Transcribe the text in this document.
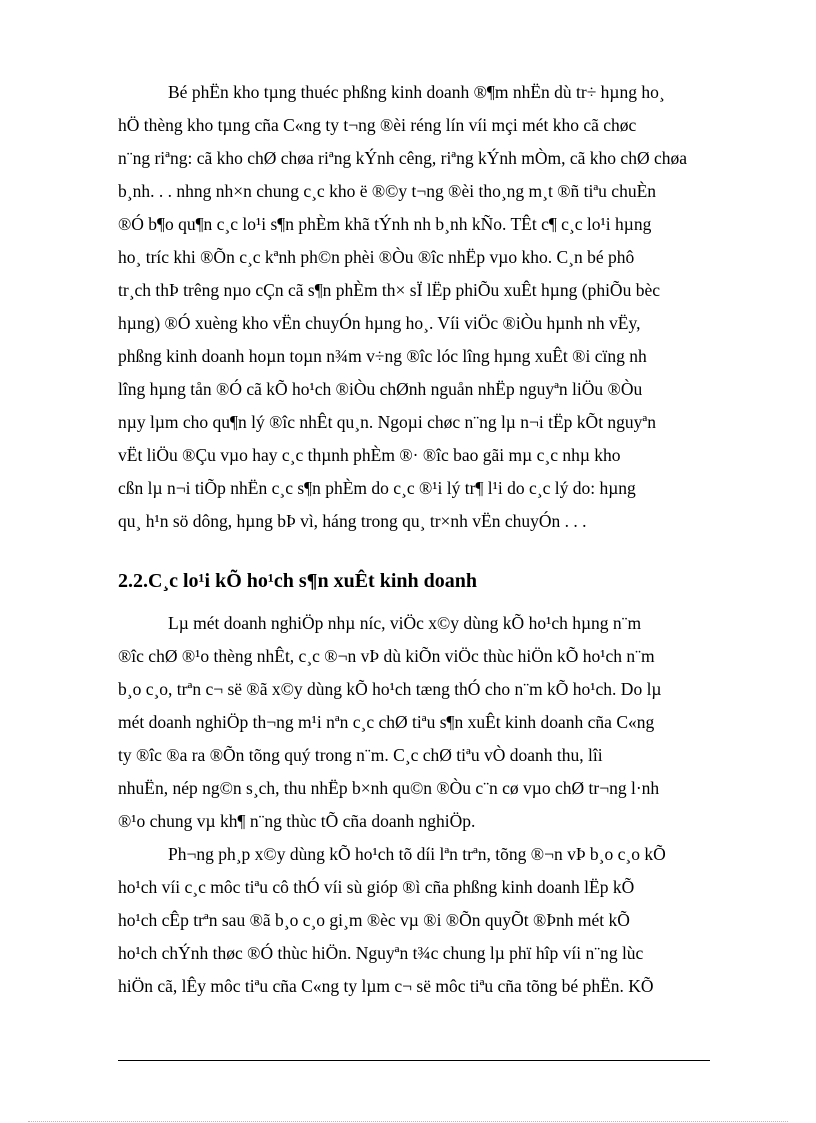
Bé phËn kho tµng thuéc phßng kinh doanh ®¶m nhËn dù tr÷ hµng ho¸
hÖ thèng kho tµng cña C«ng ty t¬ng ®èi réng lín víi mçi mét kho cã chøc
n¨ng riªng: cã kho chØ chøa riªng kÝnh cêng, riªng kÝnh mÒm, cã kho chØ chøa
b¸nh. . . nhng nh×n chung c¸c kho ë ®©y t¬ng ®èi tho¸ng m¸t ®ñ tiªu chuÈn
®Ó b¶o qu¶n c¸c lo¹i s¶n phÈm khã tÝnh nh b¸nh kÑo. TÊt c¶ c¸c lo¹i hµng
ho¸ tríc khi ®Õn c¸c kªnh ph©n phèi ®Òu ®îc nhËp vµo kho. C¸n bé phô
tr¸ch thÞ trêng nµo cÇn cã s¶n phÈm th× sÏ lËp phiÕu xuÊt hµng (phiÕu bèc
hµng) ®Ó xuèng kho vËn chuyÓn hµng ho¸. Víi viÖc ®iÒu hµnh nh vËy,
phßng kinh doanh hoµn toµn n¾m v÷ng ®îc lóc lîng hµng xuÊt ®i cïng nh
lîng hµng tån ®Ó cã kÕ ho¹ch ®iÒu chØnh nguån nhËp nguyªn liÖu ®Òu
nµy lµm cho qu¶n lý ®îc nhÊt qu¸n. Ngoµi chøc n¨ng lµ n¬i tËp kÕt nguyªn
vËt liÖu ®Çu vµo hay c¸c thµnh phÈm ®· ®îc bao gãi mµ c¸c nhµ kho
cßn lµ n¬i tiÕp nhËn c¸c s¶n phÈm do c¸c ®¹i lý tr¶ l¹i do c¸c lý do: hµng
qu¸ h¹n sö dông, hµng bÞ vì, háng trong qu¸ tr×nh vËn chuyÓn . . .
2.2.C¸c lo¹i kÕ ho¹ch s¶n xuÊt kinh doanh
Lµ mét doanh nghiÖp nhµ níc, viÖc x©y dùng kÕ ho¹ch hµng n¨m
®îc chØ ®¹o thèng nhÊt, c¸c ®¬n vÞ dù kiÕn viÖc thùc hiÖn kÕ ho¹ch n¨m
b¸o c¸o, trªn c¬ së ®ã x©y dùng kÕ ho¹ch tæng thÓ cho n¨m kÕ ho¹ch. Do lµ
mét doanh nghiÖp th¬ng m¹i nªn c¸c chØ tiªu s¶n xuÊt kinh doanh cña C«ng
ty ®îc ®a ra ®Õn tõng quý trong n¨m. C¸c chØ tiªu vÒ doanh thu, lîi
nhuËn, nép ng©n s¸ch, thu nhËp b×nh qu©n ®Òu c¨n cø vµo chØ tr¬ng l·nh
®¹o chung vµ kh¶ n¨ng thùc tÕ cña doanh nghiÖp.
Ph¬ng ph¸p x©y dùng kÕ ho¹ch tõ díi lªn trªn, tõng ®¬n vÞ b¸o c¸o kÕ
ho¹ch víi c¸c môc tiªu cô thÓ víi sù gióp ®ì cña phßng kinh doanh lËp kÕ
ho¹ch cÊp trªn sau ®ã b¸o c¸o gi¸m ®èc vµ ®i ®Õn quyÕt ®Þnh mét kÕ
ho¹ch chÝnh thøc ®Ó thùc hiÖn. Nguyªn t¾c chung lµ phï hîp víi n¨ng lùc
hiÖn cã, lÊy môc tiªu cña C«ng ty lµm c¬ së môc tiªu cña tõng bé phËn. KÕ
